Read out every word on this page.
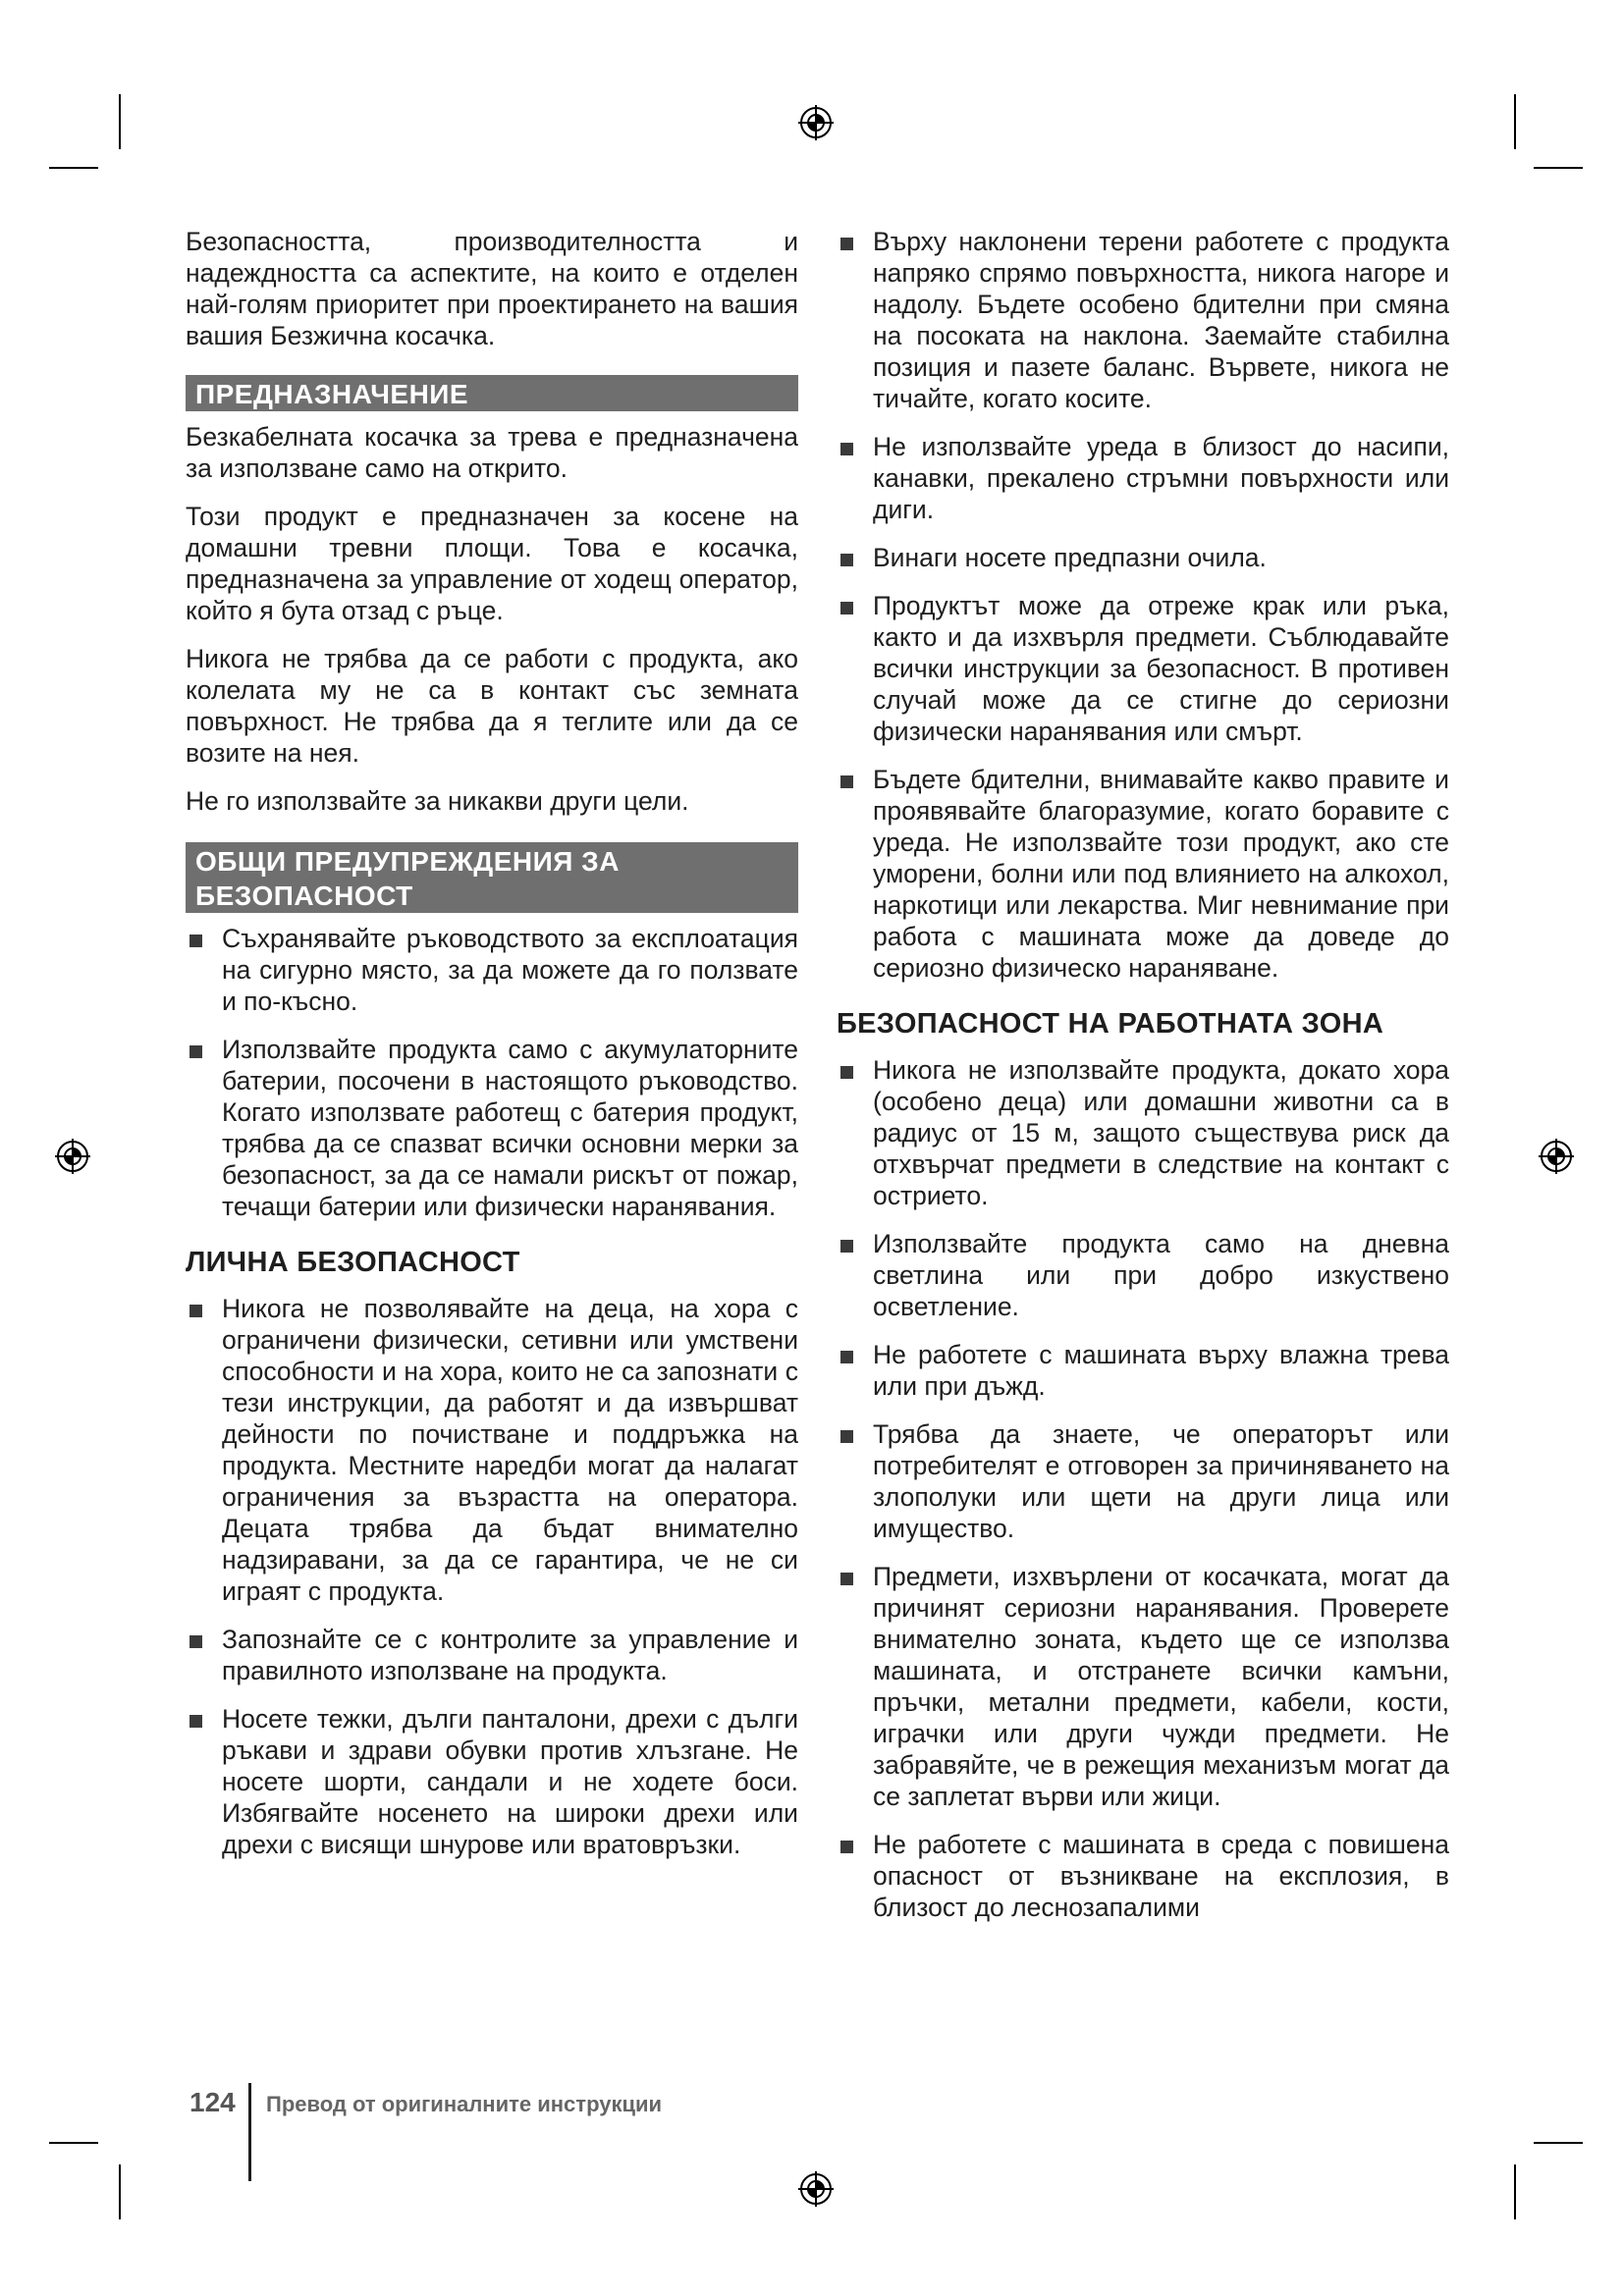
Безопасността, производителността и надеждността са аспектите, на които е отделен най-голям приоритет при проектирането на вашия вашия Безжична косачка.

ПРЕДНАЗНАЧЕНИЕ

Безкабелната косачка за трева е предназначена за използване само на открито.

Този продукт е предназначен за косене на домашни тревни площи. Това е косачка, предназначена за управление от ходещ оператор, който я бута отзад с ръце.

Никога не трябва да се работи с продукта, ако колелата му не са в контакт със земната повърхност. Не трябва да я теглите или да се возите на нея.

Не го използвайте за никакви други цели.

ОБЩИ ПРЕДУПРЕЖДЕНИЯ ЗА БЕЗОПАСНОСТ
Съхранявайте ръководството за експлоатация на сигурно място, за да можете да го ползвате и по-късно.
Използвайте продукта само с акумулаторните батерии, посочени в настоящото ръководство. Когато използвате работещ с батерия продукт, трябва да се спазват всички основни мерки за безопасност, за да се намали рискът от пожар, течащи батерии или физически наранявания.
ЛИЧНА БЕЗОПАСНОСТ
Никога не позволявайте на деца, на хора с ограничени физически, сетивни или умствени способности и на хора, които не са запознати с тези инструкции, да работят и да извършват дейности по почистване и поддръжка на продукта. Местните наредби могат да налагат ограничения за възрастта на оператора. Децата трябва да бъдат внимателно надзиравани, за да се гарантира, че не си играят с продукта.
Запознайте се с контролите за управление и правилното използване на продукта.
Носете тежки, дълги панталони, дрехи с дълги ръкави и здрави обувки против хлъзгане. Не носете шорти, сандали и не ходете боси. Избягвайте носенето на широки дрехи или дрехи с висящи шнурове или вратовръзки.
Върху наклонени терени работете с продукта напряко спрямо повърхността, никога нагоре и надолу. Бъдете особено бдителни при смяна на посоката на наклона. Заемайте стабилна позиция и пазете баланс. Вървете, никога не тичайте, когато косите.
Не използвайте уреда в близост до насипи, канавки, прекалено стръмни повърхности или диги.
Винаги носете предпазни очила.
Продуктът може да отреже крак или ръка, както и да изхвърля предмети. Съблюдавайте всички инструкции за безопасност. В противен случай може да се стигне до сериозни физически наранявания или смърт.
Бъдете бдителни, внимавайте какво правите и проявявайте благоразумие, когато боравите с уреда. Не използвайте този продукт, ако сте уморени, болни или под влиянието на алкохол, наркотици или лекарства. Миг невнимание при работа с машината може да доведе до сериозно физическо нараняване.
БЕЗОПАСНОСТ НА РАБОТНАТА ЗОНА
Никога не използвайте продукта, докато хора (особено деца) или домашни животни са в радиус от 15 м, защото съществува риск да отхвърчат предмети в следствие на контакт с острието.
Използвайте продукта само на дневна светлина или при добро изкуствено осветление.
Не работете с машината върху влажна трева или при дъжд.
Трябва да знаете, че операторът или потребителят е отговорен за причиняването на злополуки или щети на други лица или имущество.
Предмети, изхвърлени от косачката, могат да причинят сериозни наранявания. Проверете внимателно зоната, където ще се използва машината, и отстранете всички камъни, пръчки, метални предмети, кабели, кости, играчки или други чужди предмети. Не забравяйте, че в режещия механизъм могат да се заплетат върви или жици.
Не работете с машината в среда с повишена опасност от възникване на експлозия, в близост до леснозапалими
124 Превод от оригиналните инструкции
